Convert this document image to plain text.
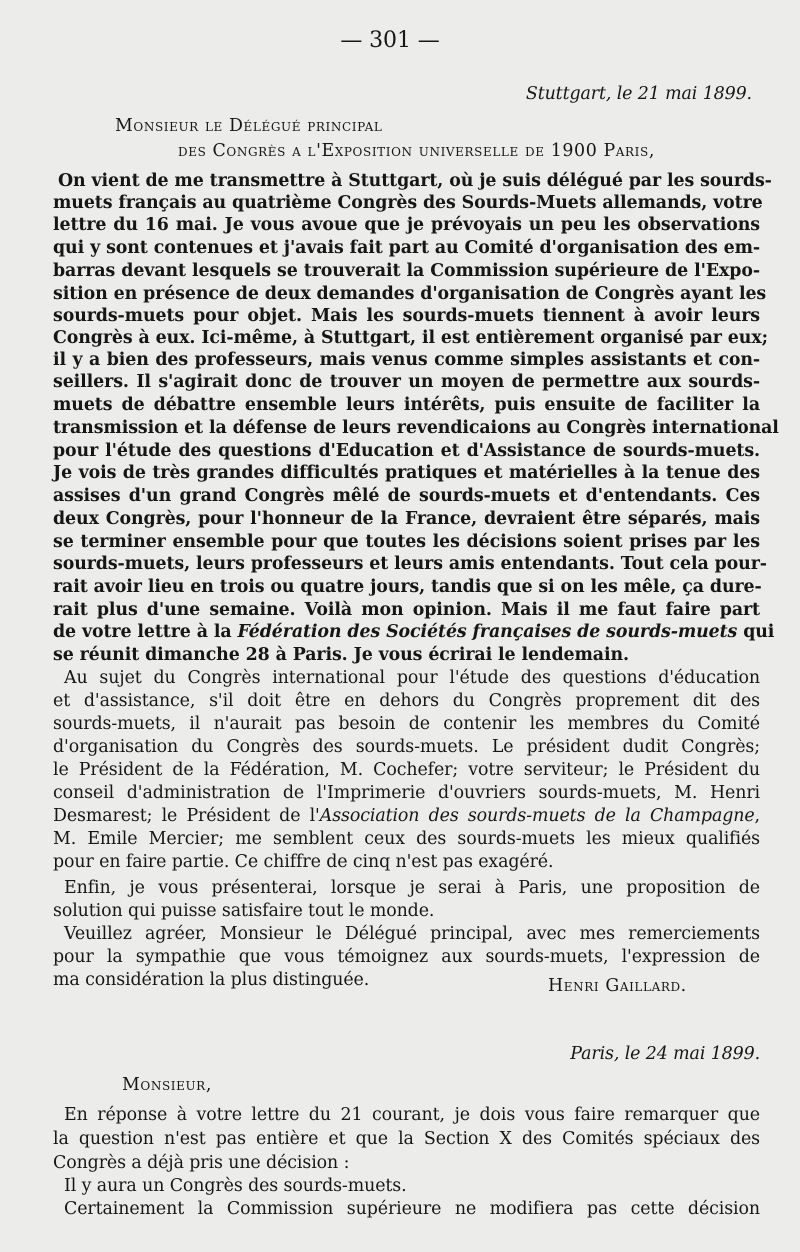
— 301 —
Stuttgart, le 21 mai 1899.
Monsieur le Délégué principal
des Congrès a l'Exposition universelle de 1900 Paris,
On vient de me transmettre à Stuttgart, où je suis délégué par les sourds-
muets français au quatrième Congrès des Sourds-Muets allemands, votre
lettre du 16 mai. Je vous avoue que je prévoyais un peu les observations
qui y sont contenues et j'avais fait part au Comité d'organisation des em-
barras devant lesquels se trouverait la Commission supérieure de l'Expo-
sition en présence de deux demandes d'organisation de Congrès ayant les
sourds-muets pour objet. Mais les sourds-muets tiennent à avoir leurs
Congrès à eux. Ici-même, à Stuttgart, il est entièrement organisé par eux;
il y a bien des professeurs, mais venus comme simples assistants et con-
seillers. Il s'agirait donc de trouver un moyen de permettre aux sourds-
muets de débattre ensemble leurs intérêts, puis ensuite de faciliter la
transmission et la défense de leurs revendicaions au Congrès international
pour l'étude des questions d'Education et d'Assistance de sourds-muets.
Je vois de très grandes difficultés pratiques et matérielles à la tenue des
assises d'un grand Congrès mêlé de sourds-muets et d'entendants. Ces
deux Congrès, pour l'honneur de la France, devraient être séparés, mais
se terminer ensemble pour que toutes les décisions soient prises par les
sourds-muets, leurs professeurs et leurs amis entendants. Tout cela pour-
rait avoir lieu en trois ou quatre jours, tandis que si on les mêle, ça dure-
rait plus d'une semaine. Voilà mon opinion. Mais il me faut faire part
de votre lettre à la Fédération des Sociétés françaises de sourds-muets qui
se réunit dimanche 28 à Paris. Je vous écrirai le lendemain.
Au sujet du Congrès international pour l'étude des questions d'éducation
et d'assistance, s'il doit être en dehors du Congrès proprement dit des
sourds-muets, il n'aurait pas besoin de contenir les membres du Comité
d'organisation du Congrès des sourds-muets. Le président dudit Congrès;
le Président de la Fédération, M. Cochefer; votre serviteur; le Président du
conseil d'administration de l'Imprimerie d'ouvriers sourds-muets, M. Henri
Desmarest; le Président de l'Association des sourds-muets de la Champagne,
M. Emile Mercier; me semblent ceux des sourds-muets les mieux qualifiés
pour en faire partie. Ce chiffre de cinq n'est pas exagéré.
Enfin, je vous présenterai, lorsque je serai à Paris, une proposition de
solution qui puisse satisfaire tout le monde.
Veuillez agréer, Monsieur le Délégué principal, avec mes remerciements
pour la sympathie que vous témoignez aux sourds-muets, l'expression de
ma considération la plus distinguée.	Henri Gaillard.
Paris, le 24 mai 1899.
Monsieur,
En réponse à votre lettre du 21 courant, je dois vous faire remarquer que
la question n'est pas entière et que la Section X des Comités spéciaux des
Congrès a déjà pris une décision :
Il y aura un Congrès des sourds-muets.
Certainement la Commission supérieure ne modifiera pas cette décision
